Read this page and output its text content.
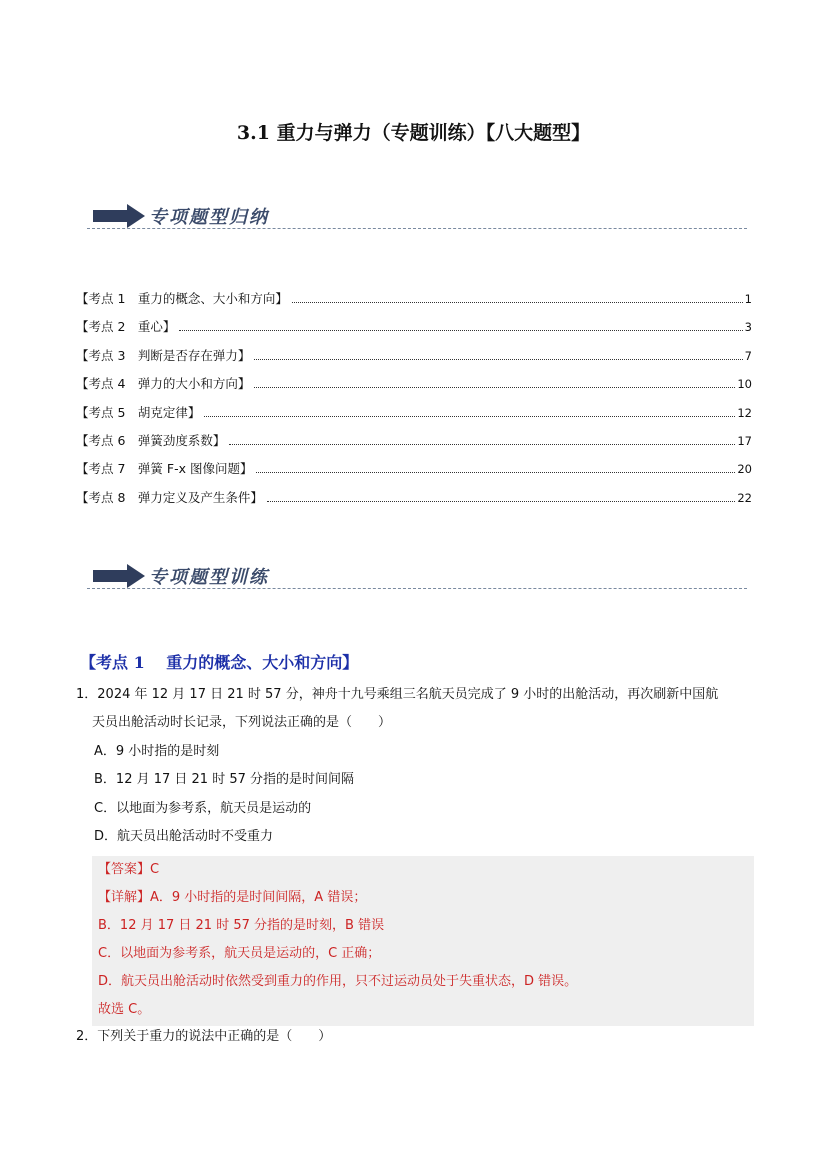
3.1 重力与弹力（专题训练）【八大题型】
专项题型归纳
【考点 1　重力的概念、大小和方向】	1
【考点 2　重心】	3
【考点 3　判断是否存在弹力】	7
【考点 4　弹力的大小和方向】	10
【考点 5　胡克定律】	12
【考点 6　弹簧劲度系数】	17
【考点 7　弹簧 F-x 图像问题】	20
【考点 8　弹力定义及产生条件】	22
专项题型训练
【考点 1　 重力的概念、大小和方向】
1．2024 年 12 月 17 日 21 时 57 分，神舟十九号乘组三名航天员完成了 9 小时的出舱活动，再次刷新中国航
天员出舱活动时长记录，下列说法正确的是（　　）
A．9 小时指的是时刻
B．12 月 17 日 21 时 57 分指的是时间间隔
C．以地面为参考系，航天员是运动的
D．航天员出舱活动时不受重力
【答案】C
【详解】A．9 小时指的是时间间隔，A 错误；
B．12 月 17 日 21 时 57 分指的是时刻，B 错误
C．以地面为参考系，航天员是运动的，C 正确；
D．航天员出舱活动时依然受到重力的作用，只不过运动员处于失重状态，D 错误。
故选 C。
2．下列关于重力的说法中正确的是（　　）
